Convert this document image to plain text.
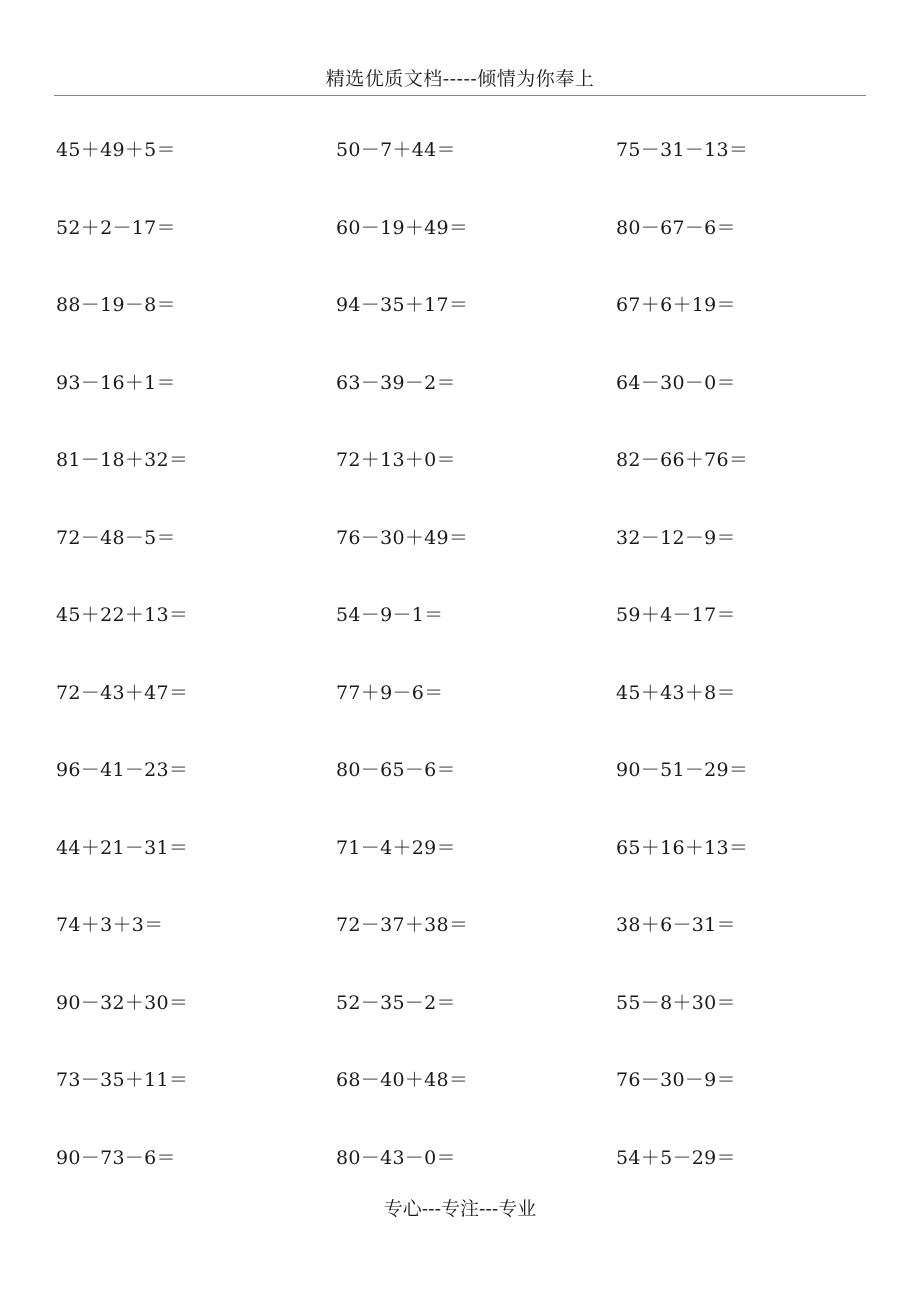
精选优质文档-----倾情为你奉上
45＋49＋5＝	50－7＋44＝	75－31－13＝
52＋2－17＝	60－19＋49＝	80－67－6＝
88－19－8＝	94－35＋17＝	67＋6＋19＝
93－16＋1＝	63－39－2＝	64－30－0＝
81－18＋32＝	72＋13＋0＝	82－66＋76＝
72－48－5＝	76－30＋49＝	32－12－9＝
45＋22＋13＝	54－9－1＝	59＋4－17＝
72－43＋47＝	77＋9－6＝	45＋43＋8＝
96－41－23＝	80－65－6＝	90－51－29＝
44＋21－31＝	71－4＋29＝	65＋16＋13＝
74＋3＋3＝	72－37＋38＝	38＋6－31＝
90－32＋30＝	52－35－2＝	55－8＋30＝
73－35＋11＝	68－40＋48＝	76－30－9＝
90－73－6＝	80－43－0＝	54＋5－29＝
专心---专注---专业
